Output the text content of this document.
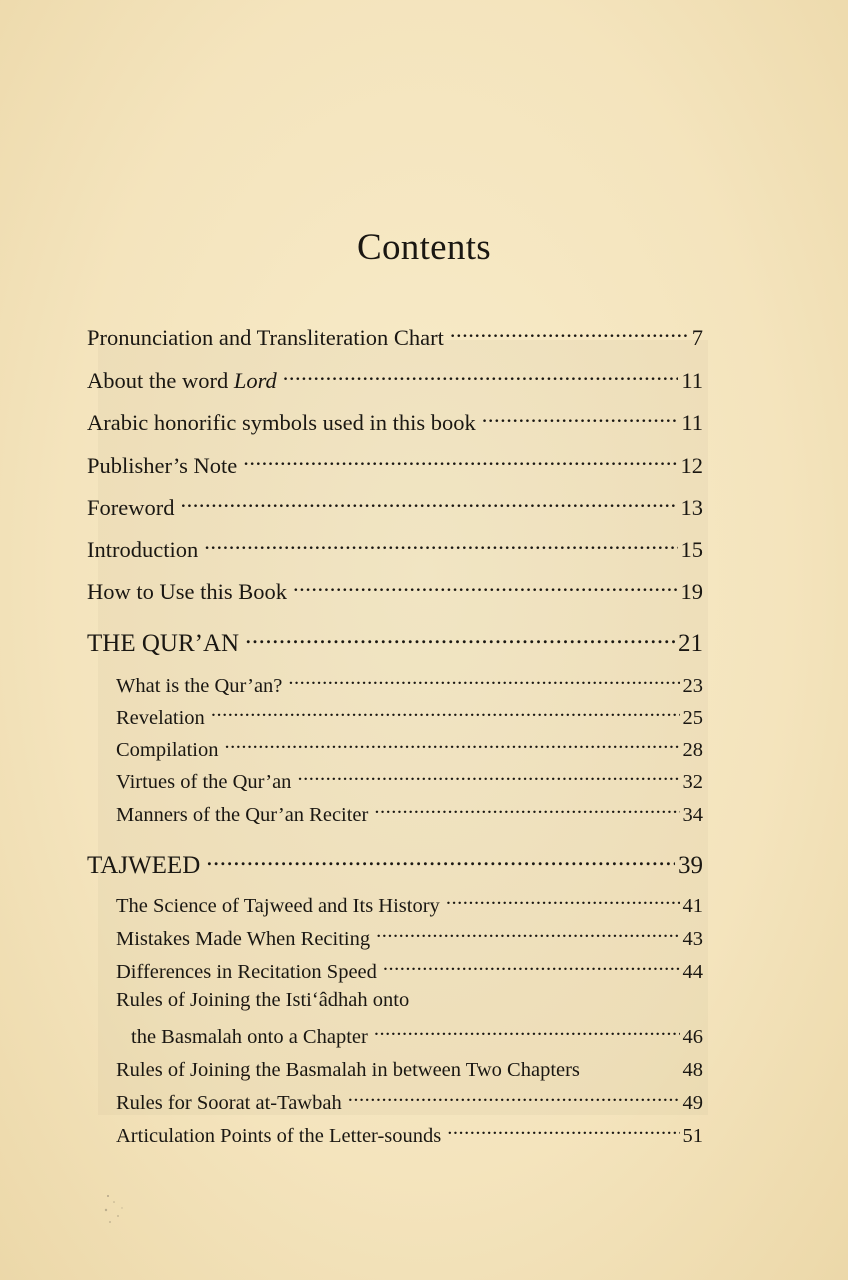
Contents
Pronunciation and Transliteration Chart .....	7
About the word Lord .....	11
Arabic honorific symbols used in this book .....	11
Publisher’s Note .....	12
Foreword .....	13
Introduction .....	15
How to Use this Book .....	19
THE QUR’AN .....	21
What is the Qur’an? .....	23
Revelation .....	25
Compilation .....	28
Virtues of the Qur’an .....	32
Manners of the Qur’an Reciter .....	34
TAJWEED .....	39
The Science of Tajweed and Its History .....	41
Mistakes Made When Reciting .....	43
Differences in Recitation Speed .....	44
Rules of Joining the Isti‘âdhah onto
the Basmalah onto a Chapter .....	46
Rules of Joining the Basmalah in between Two Chapters	48
Rules for Soorat at-Tawbah .....	49
Articulation Points of the Letter-sounds .....	51
